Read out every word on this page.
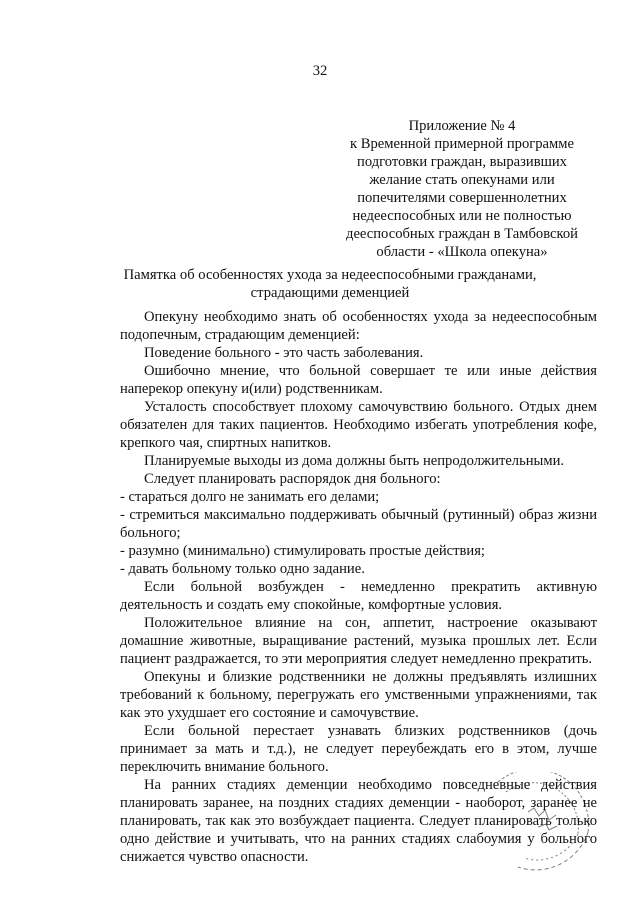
32
Приложение № 4
к Временной примерной программе
подготовки граждан, выразивших
желание стать опекунами или
попечителями совершеннолетних
недееспособных или не полностью
дееспособных граждан в Тамбовской
области - «Школа опекуна»
Памятка об особенностях ухода за недееспособными гражданами,
страдающими деменцией

Опекуну необходимо знать об особенностях ухода за недееспособным подопечным, страдающим деменцией:

Поведение больного - это часть заболевания.

Ошибочно мнение, что больной совершает те или иные действия наперекор опекуну и(или) родственникам.

Усталость способствует плохому самочувствию больного. Отдых днем обязателен для таких пациентов. Необходимо избегать употребления кофе, крепкого чая, спиртных напитков.

Планируемые выходы из дома должны быть непродолжительными.

Следует планировать распорядок дня больного:

- стараться долго не занимать его делами;

- стремиться максимально поддерживать обычный (рутинный) образ жизни больного;

- разумно (минимально) стимулировать простые действия;

- давать больному только одно задание.

Если больной возбужден - немедленно прекратить активную деятельность и создать ему спокойные, комфортные условия.

Положительное влияние на сон, аппетит, настроение оказывают домашние животные, выращивание растений, музыка прошлых лет. Если пациент раздражается, то эти мероприятия следует немедленно прекратить.

Опекуны и близкие родственники не должны предъявлять излишних требований к больному, перегружать его умственными упражнениями, так как это ухудшает его состояние и самочувствие.

Если больной перестает узнавать близких родственников (дочь принимает за мать и т.д.), не следует переубеждать его в этом, лучше переключить внимание больного.

На ранних стадиях деменции необходимо повседневные действия планировать заранее, на поздних стадиях деменции - наоборот, заранее не планировать, так как это возбуждает пациента. Следует планировать только одно действие и учитывать, что на ранних стадиях слабоумия у больного снижается чувство опасности.
